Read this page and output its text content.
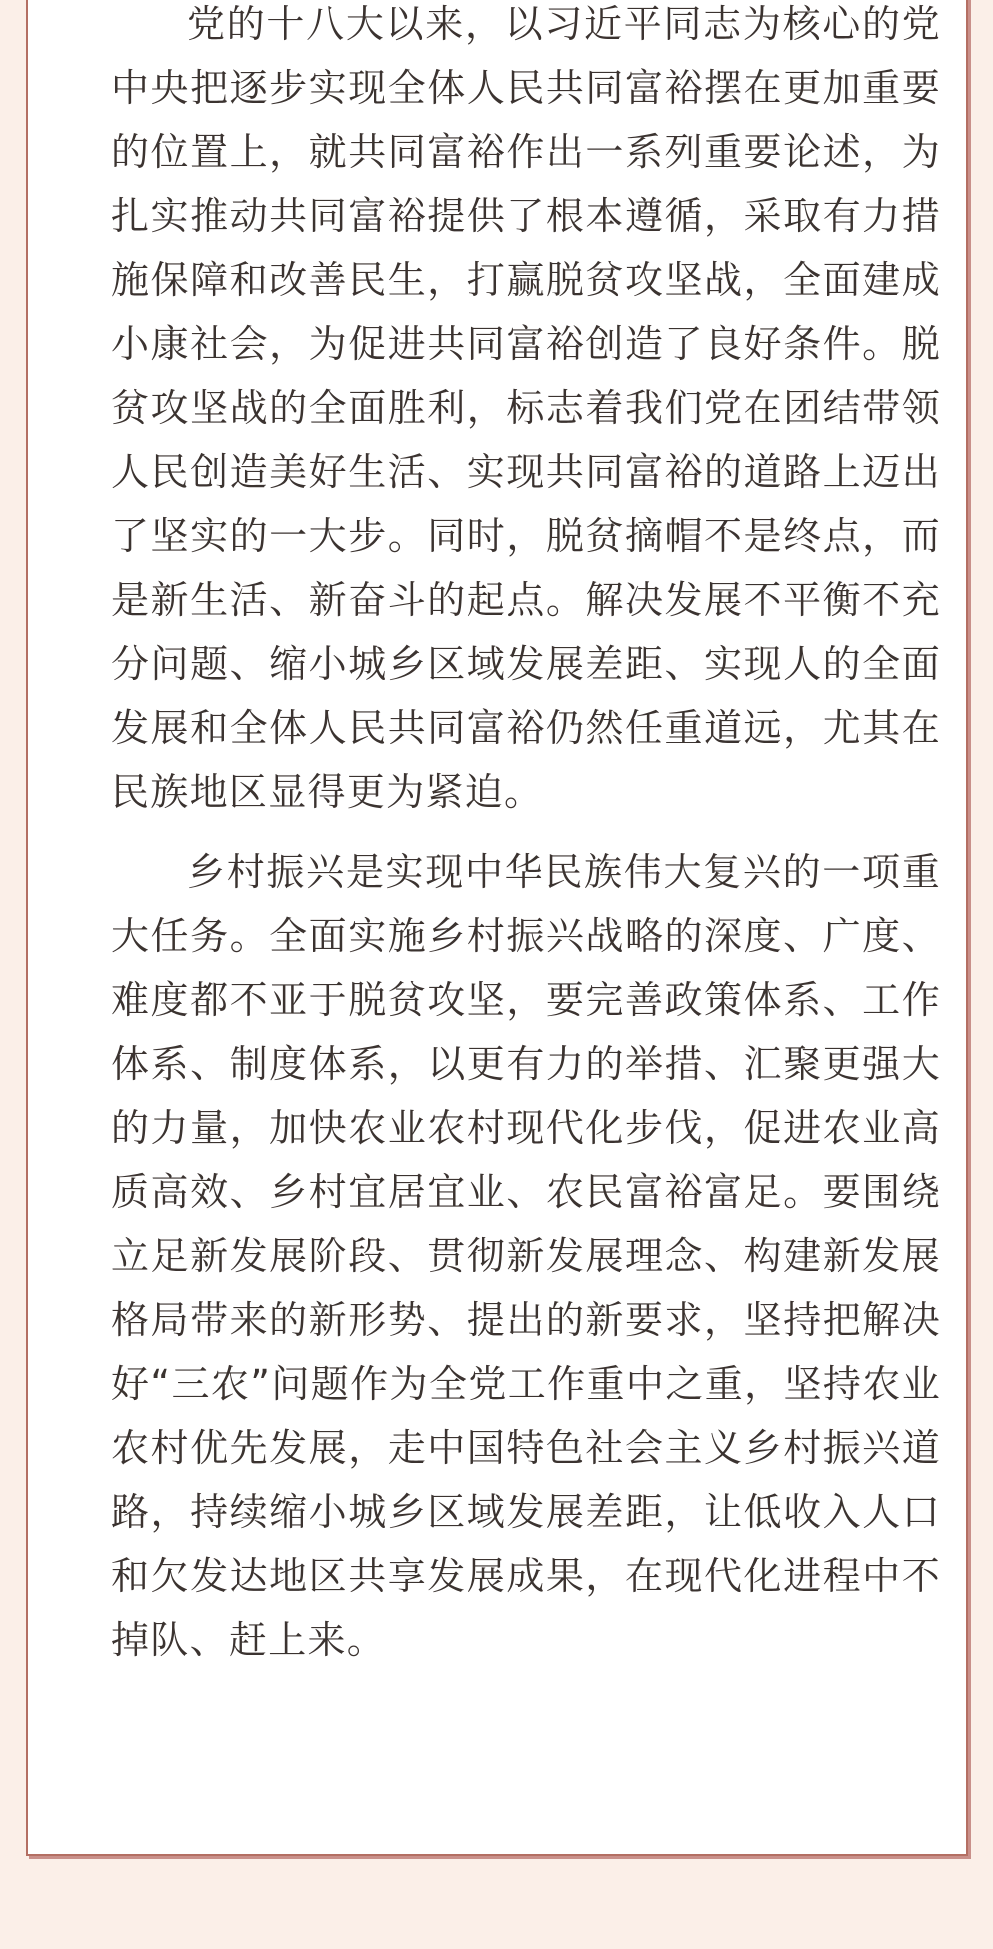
党的十八大以来，以习近平同志为核心的党中央把逐步实现全体人民共同富裕摆在更加重要的位置上，就共同富裕作出一系列重要论述，为扎实推动共同富裕提供了根本遵循，采取有力措施保障和改善民生，打赢脱贫攻坚战，全面建成小康社会，为促进共同富裕创造了良好条件。脱贫攻坚战的全面胜利，标志着我们党在团结带领人民创造美好生活、实现共同富裕的道路上迈出了坚实的一大步。同时，脱贫摘帽不是终点，而是新生活、新奋斗的起点。解决发展不平衡不充分问题、缩小城乡区域发展差距、实现人的全面发展和全体人民共同富裕仍然任重道远，尤其在民族地区显得更为紧迫。

乡村振兴是实现中华民族伟大复兴的一项重大任务。全面实施乡村振兴战略的深度、广度、难度都不亚于脱贫攻坚，要完善政策体系、工作体系、制度体系，以更有力的举措、汇聚更强大的力量，加快农业农村现代化步伐，促进农业高质高效、乡村宜居宜业、农民富裕富足。要围绕立足新发展阶段、贯彻新发展理念、构建新发展格局带来的新形势、提出的新要求，坚持把解决好“三农”问题作为全党工作重中之重，坚持农业农村优先发展，走中国特色社会主义乡村振兴道路，持续缩小城乡区域发展差距，让低收入人口和欠发达地区共享发展成果，在现代化进程中不掉队、赶上来。
